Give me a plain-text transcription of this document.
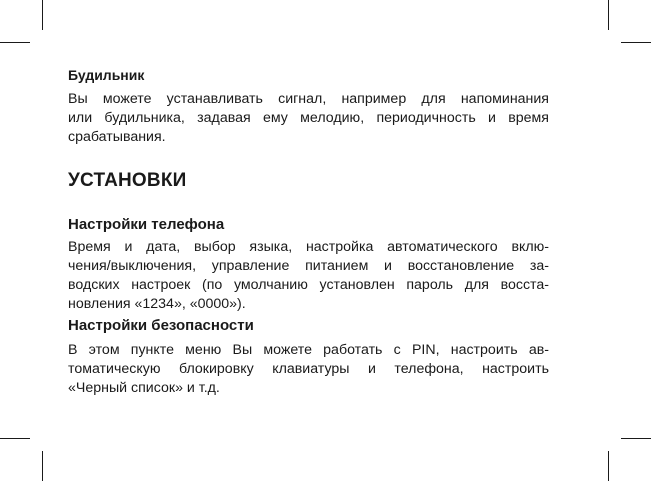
Будильник
Вы можете устанавливать сигнал, например для напоминания
или будильника, задавая ему мелодию, периодичность и время
срабатывания.
УСТАНОВКИ
Настройки телефона
Время и дата, выбор языка, настройка автоматического вклю-
чения/выключения, управление питанием и восстановление за-
водских настроек (по умолчанию установлен пароль для восста-
новления «1234», «0000»).
Настройки безопасности
В этом пункте меню Вы можете работать с PIN, настроить ав-
томатическую блокировку клавиатуры и телефона, настроить
«Черный список» и т.д.
